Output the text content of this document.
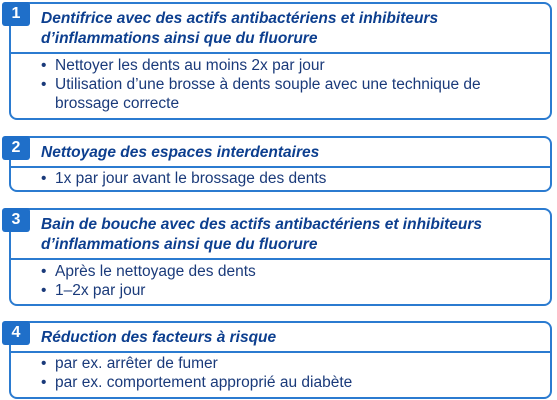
1	Dentifrice avec des actifs antibactériens et inhibiteurs d’inflammations ainsi que du fluorure

• Nettoyer les dents au moins 2x par jour
• Utilisation d’une brosse à dents souple avec une technique de brossage correcte
2	Nettoyage des espaces interdentaires

• 1x par jour avant le brossage des dents
3	Bain de bouche avec des actifs antibactériens et inhibiteurs d’inflammations ainsi que du fluorure

• Après le nettoyage des dents
• 1–2x par jour
4	Réduction des facteurs à risque

• par ex. arrêter de fumer
• par ex. comportement approprié au diabète
